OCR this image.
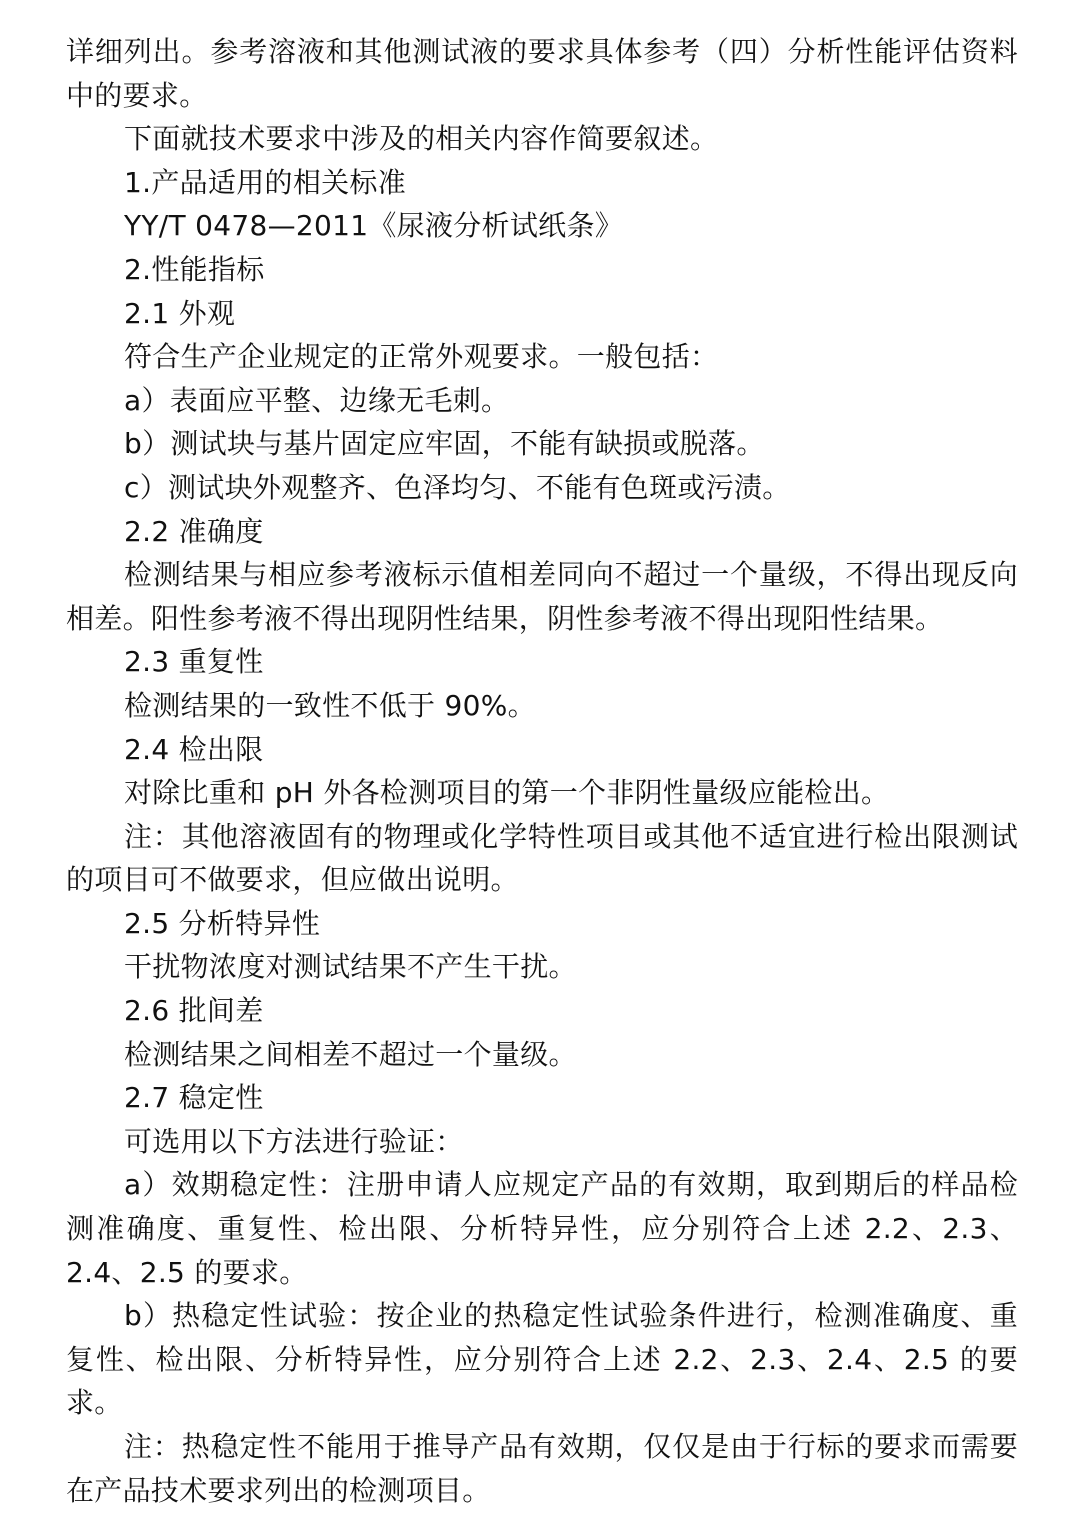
详细列出。参考溶液和其他测试液的要求具体参考（四）分析性能评估资料中的要求。

下面就技术要求中涉及的相关内容作简要叙述。

1.产品适用的相关标准

YY/T 0478—2011《尿液分析试纸条》

2.性能指标

2.1 外观

符合生产企业规定的正常外观要求。一般包括：

a）表面应平整、边缘无毛刺。

b）测试块与基片固定应牢固，不能有缺损或脱落。

c）测试块外观整齐、色泽均匀、不能有色斑或污渍。

2.2 准确度

检测结果与相应参考液标示值相差同向不超过一个量级，不得出现反向相差。阳性参考液不得出现阴性结果，阴性参考液不得出现阳性结果。

2.3 重复性

检测结果的一致性不低于 90%。

2.4 检出限

对除比重和 pH 外各检测项目的第一个非阴性量级应能检出。

注：其他溶液固有的物理或化学特性项目或其他不适宜进行检出限测试的项目可不做要求，但应做出说明。

2.5 分析特异性

干扰物浓度对测试结果不产生干扰。

2.6 批间差

检测结果之间相差不超过一个量级。

2.7 稳定性

可选用以下方法进行验证：

a）效期稳定性：注册申请人应规定产品的有效期，取到期后的样品检测准确度、重复性、检出限、分析特异性，应分别符合上述 2.2、2.3、2.4、2.5 的要求。

b）热稳定性试验：按企业的热稳定性试验条件进行，检测准确度、重复性、检出限、分析特异性，应分别符合上述 2.2、2.3、2.4、2.5 的要求。

注：热稳定性不能用于推导产品有效期，仅仅是由于行标的要求而需要在产品技术要求列出的检测项目。
